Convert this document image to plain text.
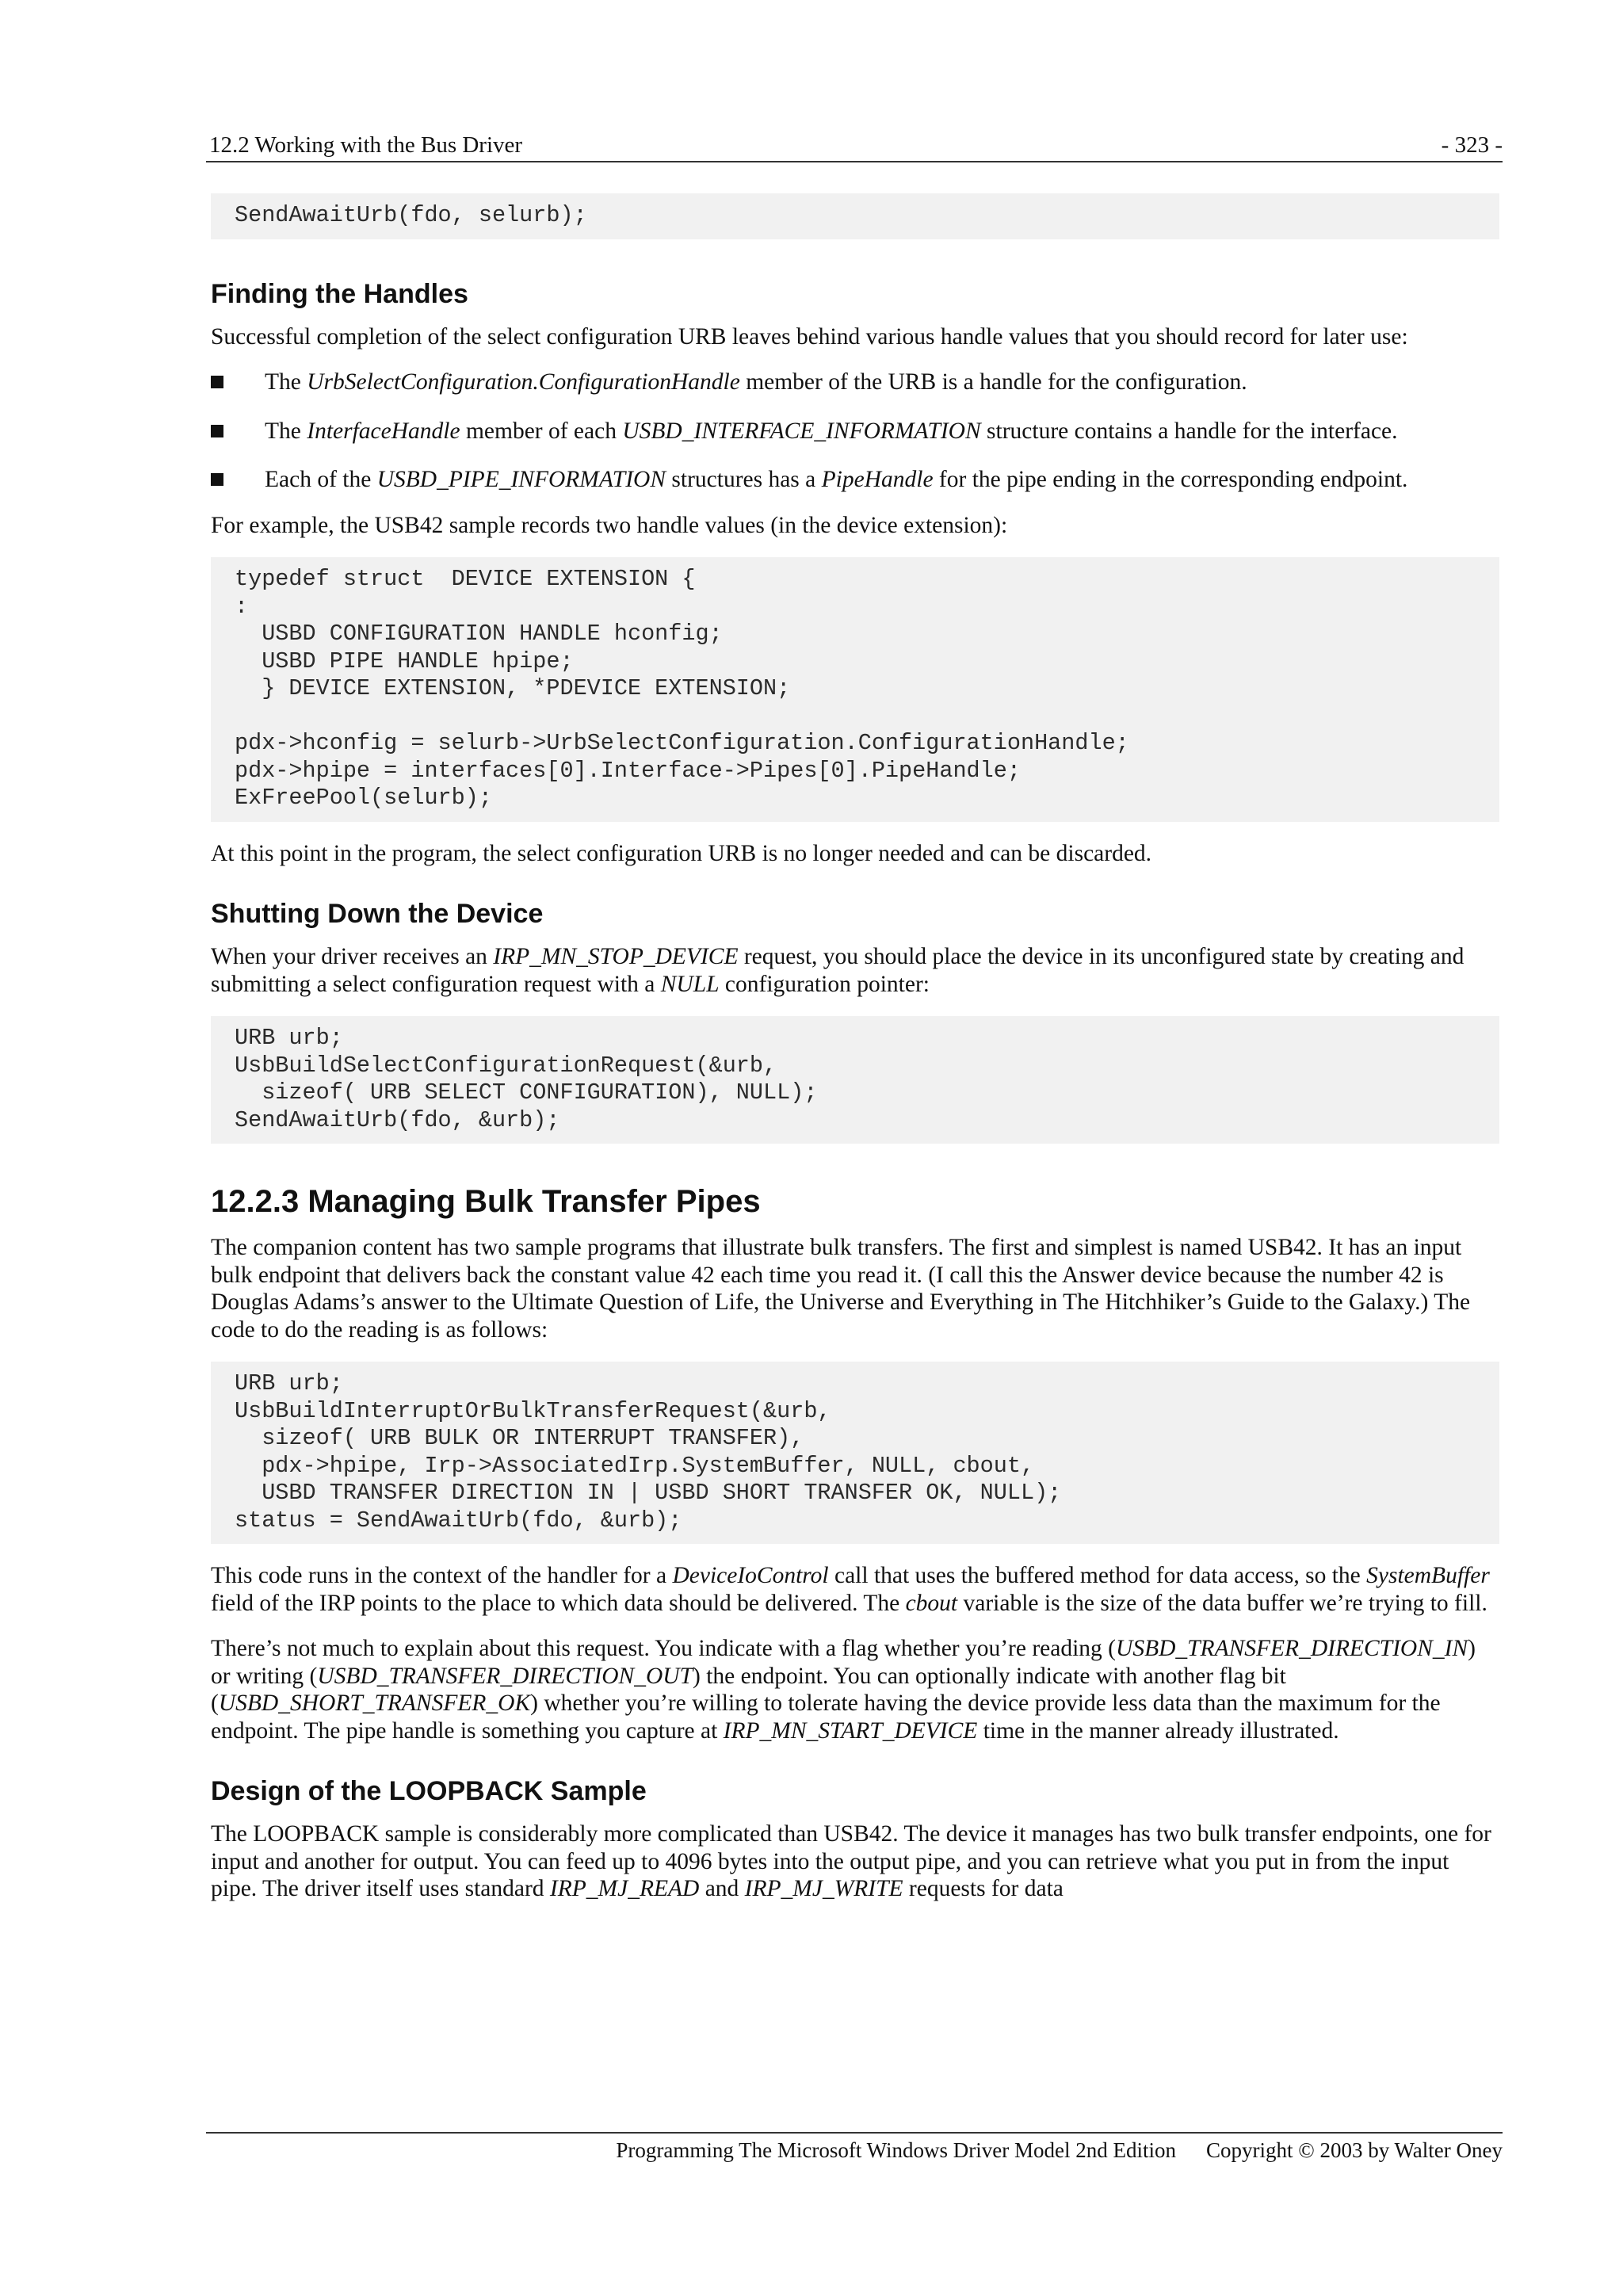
12.2 Working with the Bus Driver	- 323 -
SendAwaitUrb(fdo, selurb);
Finding the Handles

Successful completion of the select configuration URB leaves behind various handle values that you should record for later use:

The UrbSelectConfiguration.ConfigurationHandle member of the URB is a handle for the configuration.
The InterfaceHandle member of each USBD_INTERFACE_INFORMATION structure contains a handle for the interface.
Each of the USBD_PIPE_INFORMATION structures has a PipeHandle for the pipe ending in the corresponding endpoint.

For example, the USB42 sample records two handle values (in the device extension):

typedef struct  DEVICE EXTENSION {
:
USBD CONFIGURATION HANDLE hconfig;
USBD PIPE HANDLE hpipe;
} DEVICE EXTENSION, *PDEVICE EXTENSION;
pdx->hconfig = selurb->UrbSelectConfiguration.ConfigurationHandle;
pdx->hpipe = interfaces[0].Interface->Pipes[0].PipeHandle;
ExFreePool(selurb);

At this point in the program, the select configuration URB is no longer needed and can be discarded.

Shutting Down the Device

When your driver receives an IRP_MN_STOP_DEVICE request, you should place the device in its unconfigured state by creating and submitting a select configuration request with a NULL configuration pointer:

URB urb;
UsbBuildSelectConfigurationRequest(&urb,
sizeof( URB SELECT CONFIGURATION), NULL);
SendAwaitUrb(fdo, &urb);
12.2.3 Managing Bulk Transfer Pipes

The companion content has two sample programs that illustrate bulk transfers. The first and simplest is named USB42. It has an input bulk endpoint that delivers back the constant value 42 each time you read it. (I call this the Answer device because the number 42 is Douglas Adams’s answer to the Ultimate Question of Life, the Universe and Everything in The Hitchhiker’s Guide to the Galaxy.) The code to do the reading is as follows:

URB urb;
UsbBuildInterruptOrBulkTransferRequest(&urb,
sizeof( URB BULK OR INTERRUPT TRANSFER),
pdx->hpipe, Irp->AssociatedIrp.SystemBuffer, NULL, cbout,
USBD TRANSFER DIRECTION IN | USBD SHORT TRANSFER OK, NULL);
status = SendAwaitUrb(fdo, &urb);

This code runs in the context of the handler for a DeviceIoControl call that uses the buffered method for data access, so the SystemBuffer field of the IRP points to the place to which data should be delivered. The cbout variable is the size of the data buffer we’re trying to fill.

There’s not much to explain about this request. You indicate with a flag whether you’re reading (USBD_TRANSFER_DIRECTION_IN) or writing (USBD_TRANSFER_DIRECTION_OUT) the endpoint. You can optionally indicate with another flag bit (USBD_SHORT_TRANSFER_OK) whether you’re willing to tolerate having the device provide less data than the maximum for the endpoint. The pipe handle is something you capture at IRP_MN_START_DEVICE time in the manner already illustrated.

Design of the LOOPBACK Sample

The LOOPBACK sample is considerably more complicated than USB42. The device it manages has two bulk transfer endpoints, one for input and another for output. You can feed up to 4096 bytes into the output pipe, and you can retrieve what you put in from the input pipe. The driver itself uses standard IRP_MJ_READ and IRP_MJ_WRITE requests for data

Programming The Microsoft Windows Driver Model 2nd Edition Copyright © 2003 by Walter Oney
